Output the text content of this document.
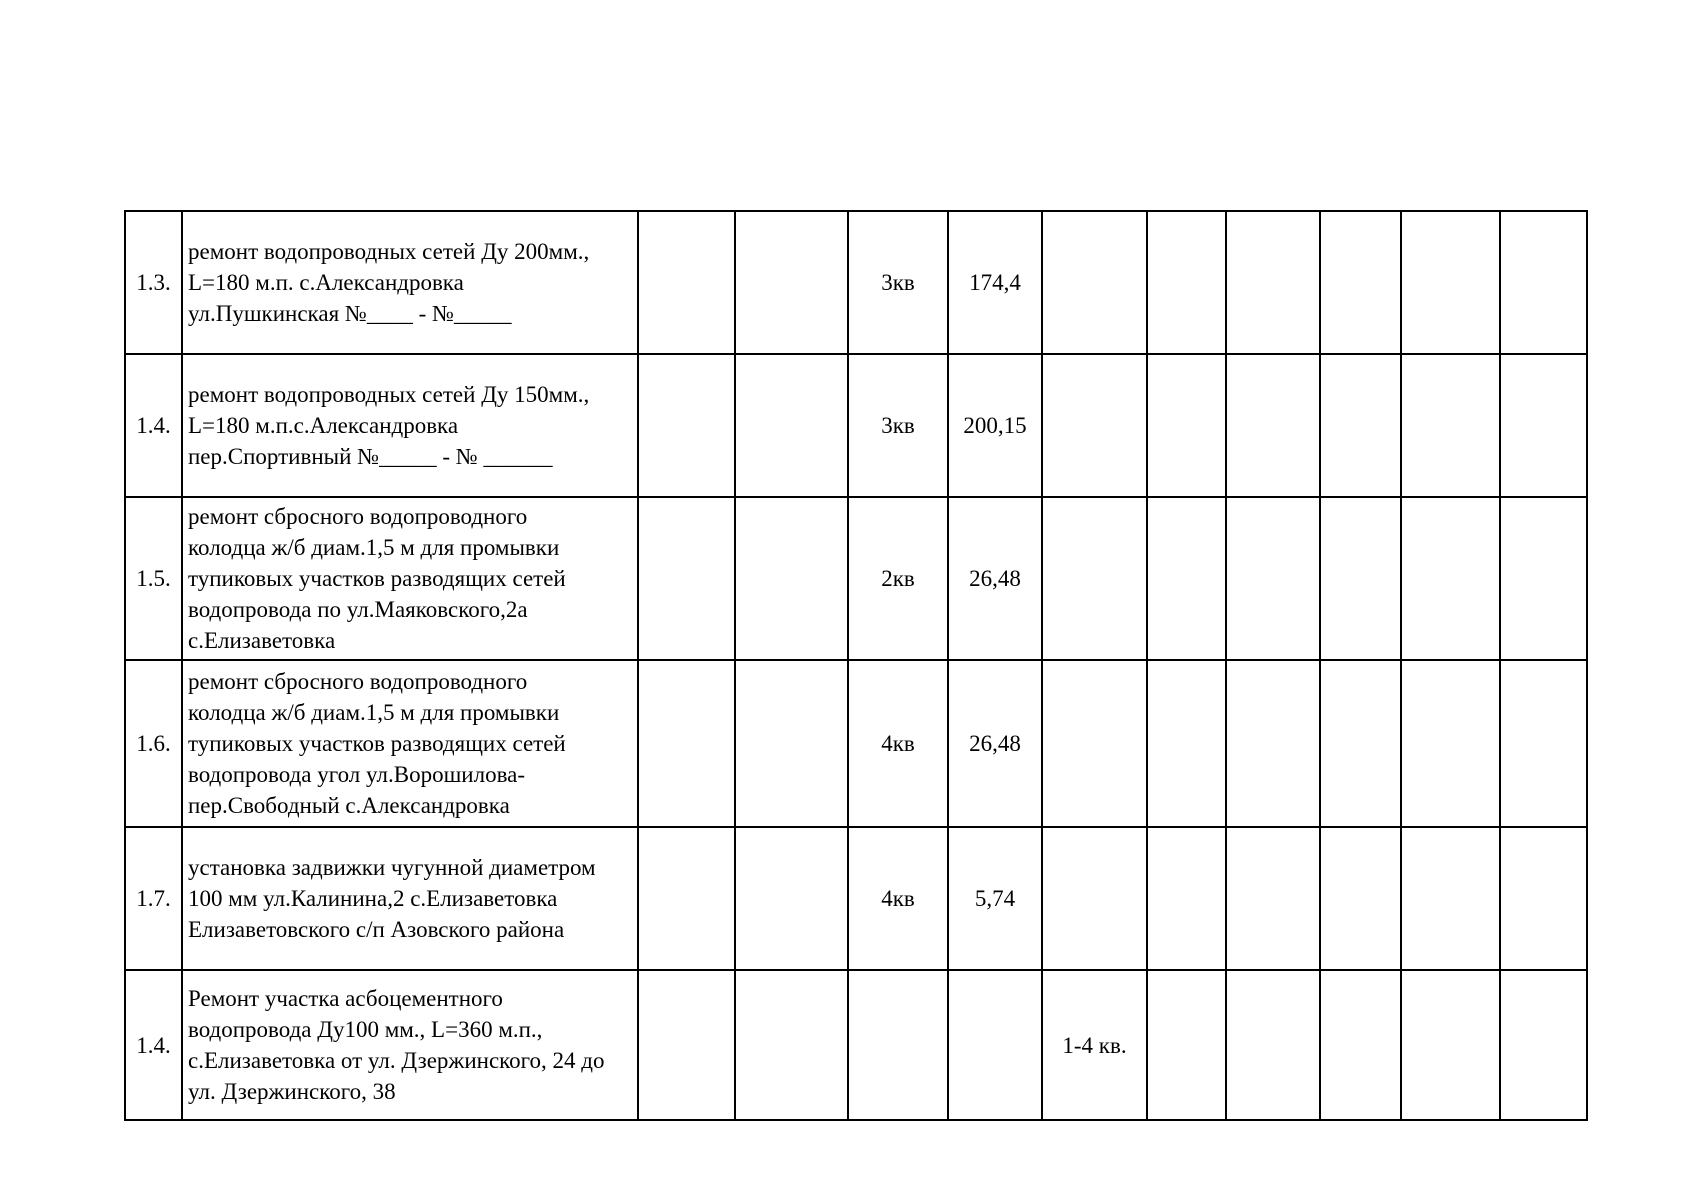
1.3.	ремонт водопроводных сетей Ду 200мм.,
L=180 м.п. с.Александровка
ул.Пушкинская №____ - №_____			3кв	174,4						
1.4.	ремонт водопроводных сетей Ду 150мм.,
L=180 м.п.с.Александровка
пер.Спортивный №_____ - № ______			3кв	200,15						
1.5.	ремонт сбросного водопроводного
колодца ж/б диам.1,5 м для промывки
тупиковых участков разводящих сетей
водопровода по ул.Маяковского,2а
с.Елизаветовка			2кв	26,48						
1.6.	ремонт сбросного водопроводного
колодца ж/б диам.1,5 м для промывки
тупиковых участков разводящих сетей
водопровода угол ул.Ворошилова-
пер.Свободный с.Александровка			4кв	26,48						
1.7.	установка задвижки чугунной диаметром
100 мм ул.Калинина,2 с.Елизаветовка
Елизаветовского с/п Азовского района			4кв	5,74						
1.4.	Ремонт участка асбоцементного
водопровода Ду100 мм., L=360 м.п.,
с.Елизаветовка от ул. Дзержинского, 24 до
ул. Дзержинского, 38					1-4 кв.					
